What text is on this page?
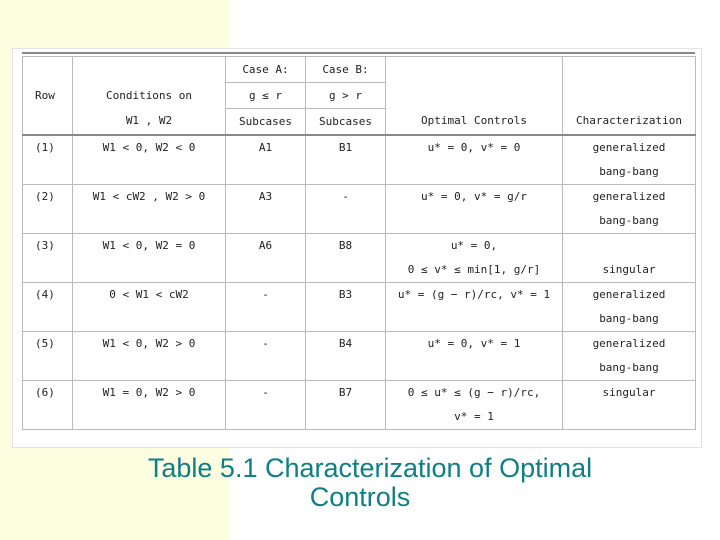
		Case A:	Case B:		
Row	Conditions on	g ≤ r	g > r		
	W1 , W2	Subcases	Subcases	Optimal Controls	Characterization
(1)	W1 < 0, W2 < 0	A1	B1	u* = 0, v* = 0	generalized
					bang-bang
(2)	W1 < cW2 , W2 > 0	A3	-	u* = 0, v* = g/r	generalized
					bang-bang
(3)	W1 < 0, W2 = 0	A6	B8	u* = 0,	
				0 ≤ v* ≤ min[1, g/r]	singular
(4)	0 < W1 < cW2	-	B3	u* = (g − r)/rc, v* = 1	generalized
					bang-bang
(5)	W1 < 0, W2 > 0	-	B4	u* = 0, v* = 1	generalized
					bang-bang
(6)	W1 = 0, W2 > 0	-	B7	0 ≤ u* ≤ (g − r)/rc,	singular
				v* = 1	
Table 5.1 Characterization of Optimal
Controls
